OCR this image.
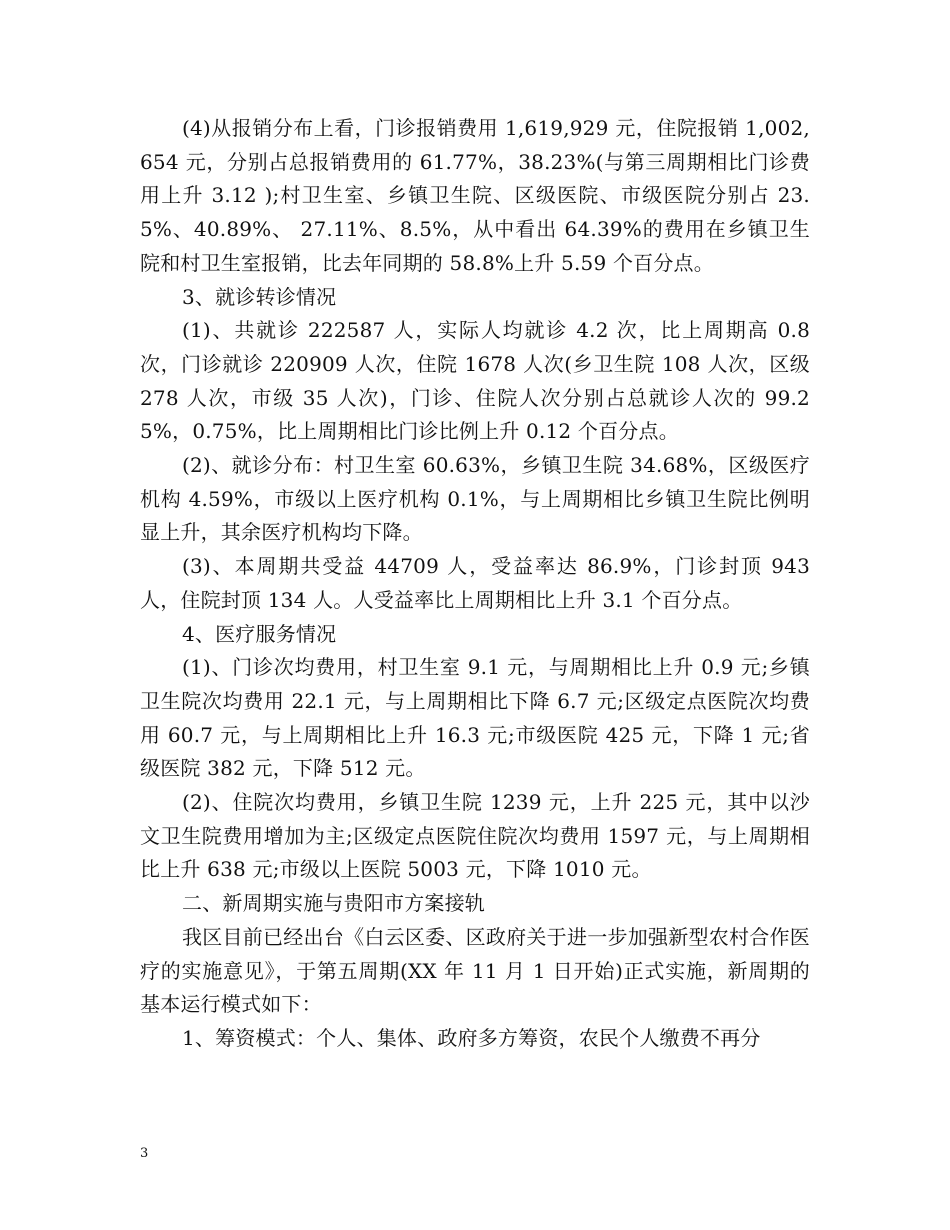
(4)从报销分布上看，门诊报销费用 1,619,929 元，住院报销 1,002,654 元，分别占总报销费用的 61.77%，38.23%(与第三周期相比门诊费用上升 3.12 );村卫生室、乡镇卫生院、区级医院、市级医院分别占 23.5%、40.89%、 27.11%、8.5%，从中看出 64.39%的费用在乡镇卫生院和村卫生室报销，比去年同期的 58.8%上升 5.59 个百分点。

3、就诊转诊情况

(1)、共就诊 222587 人，实际人均就诊 4.2 次，比上周期高 0.8 次，门诊就诊 220909 人次，住院 1678 人次(乡卫生院 108 人次，区级 278 人次，市级 35 人次)，门诊、住院人次分别占总就诊人次的 99.25%，0.75%，比上周期相比门诊比例上升 0.12 个百分点。

(2)、就诊分布：村卫生室 60.63%，乡镇卫生院 34.68%，区级医疗机构 4.59%，市级以上医疗机构 0.1%，与上周期相比乡镇卫生院比例明显上升，其余医疗机构均下降。

(3)、本周期共受益 44709 人，受益率达 86.9%，门诊封顶 943 人，住院封顶 134 人。人受益率比上周期相比上升 3.1 个百分点。

4、医疗服务情况

(1)、门诊次均费用，村卫生室 9.1 元，与周期相比上升 0.9 元;乡镇卫生院次均费用 22.1 元，与上周期相比下降 6.7 元;区级定点医院次均费用 60.7 元，与上周期相比上升 16.3 元;市级医院 425 元，下降 1 元;省级医院 382 元，下降 512 元。

(2)、住院次均费用，乡镇卫生院 1239 元，上升 225 元，其中以沙文卫生院费用增加为主;区级定点医院住院次均费用 1597 元，与上周期相比上升 638 元;市级以上医院 5003 元，下降 1010 元。

二、新周期实施与贵阳市方案接轨

我区目前已经出台《白云区委、区政府关于进一步加强新型农村合作医疗的实施意见》，于第五周期(XX 年 11 月 1 日开始)正式实施，新周期的基本运行模式如下：

1、筹资模式：个人、集体、政府多方筹资，农民个人缴费不再分

3
